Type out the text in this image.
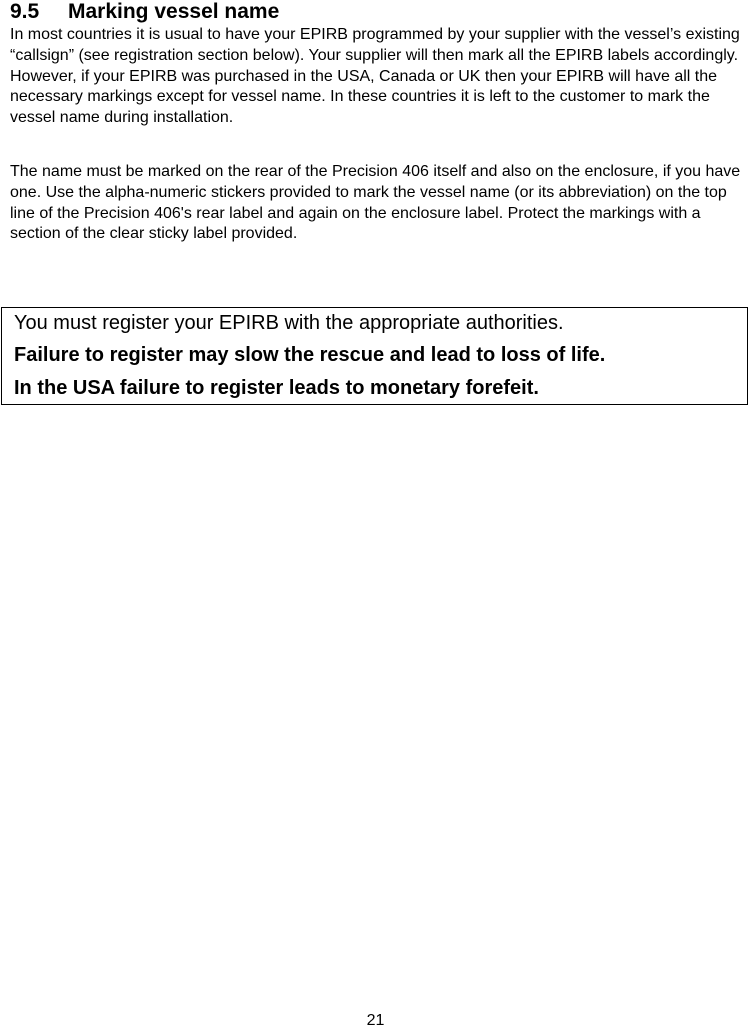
9.5 Marking vessel name

In most countries it is usual to have your EPIRB programmed by your supplier with the vessel’s existing “callsign” (see registration section below). Your supplier will then mark all the EPIRB labels accordingly. However, if your EPIRB was purchased in the USA, Canada or UK then your EPIRB will have all the necessary markings except for vessel name. In these countries it is left to the customer to mark the vessel name during installation.

The name must be marked on the rear of the Precision 406 itself and also on the enclosure, if you have one. Use the alpha-numeric stickers provided to mark the vessel name (or its abbreviation) on the top line of the Precision 406's rear label and again on the enclosure label. Protect the markings with a section of the clear sticky label provided.

You must register your EPIRB with the appropriate authorities.

Failure to register may slow the rescue and lead to loss of life.

In the USA failure to register leads to monetary forefeit.

21
